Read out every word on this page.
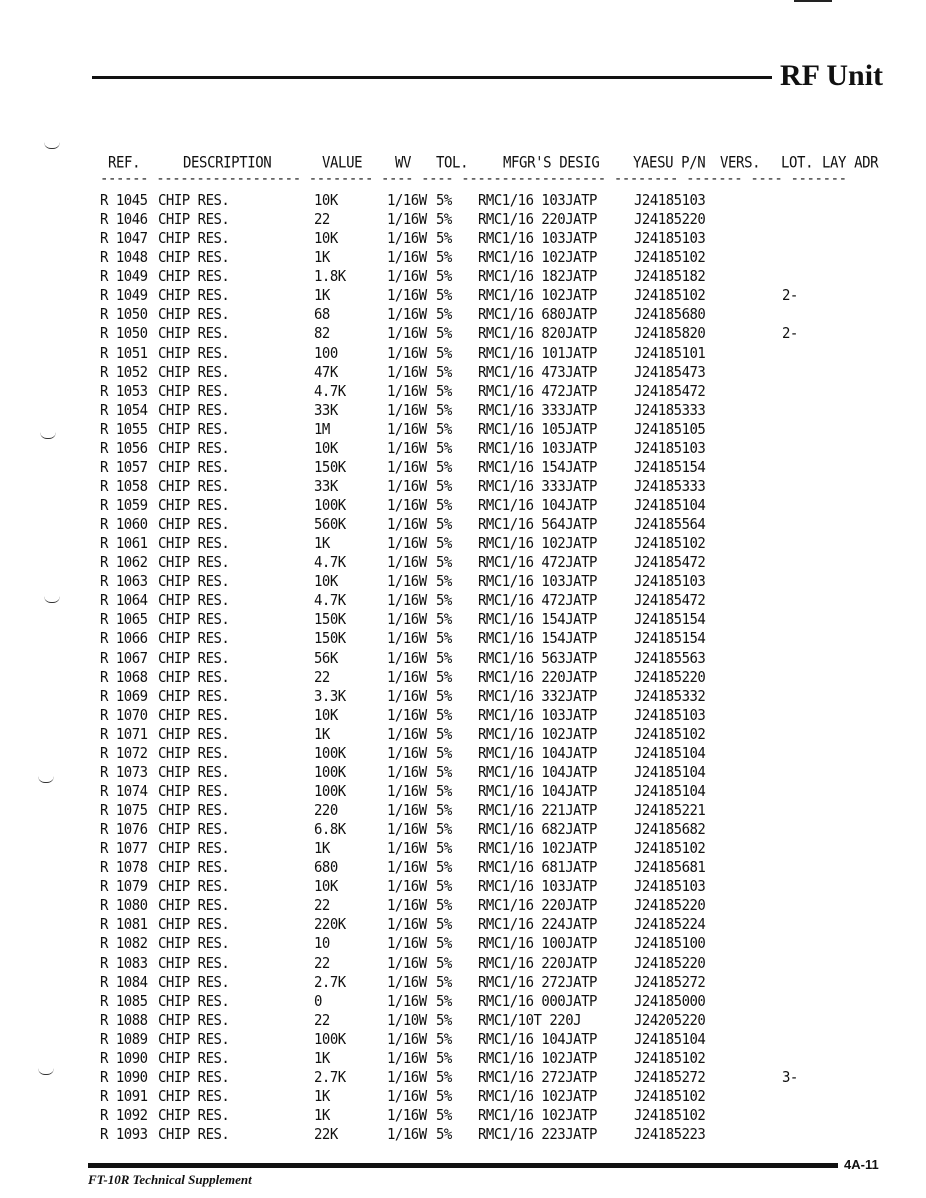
RF Unit
REF.	DESCRIPTION	VALUE WV TOL. MFGR'S DESIG YAESU P/N VERS. LOT. LAY ADR
------ ------------------ -------- ---- ---- ------------------ -------- ------- ---- -------
R 1045 CHIP RES.	10K	1/16W 5% RMC1/16 103JATP	J24185103
R 1046 CHIP RES.	22	1/16W 5% RMC1/16 220JATP	J24185220
R 1047 CHIP RES.	10K	1/16W 5% RMC1/16 103JATP	J24185103
R 1048 CHIP RES.	1K	1/16W 5% RMC1/16 102JATP	J24185102
R 1049 CHIP RES.	1.8K	1/16W 5% RMC1/16 182JATP	J24185182
R 1049 CHIP RES.	1K	1/16W 5% RMC1/16 102JATP	J24185102	2-
R 1050 CHIP RES.	68	1/16W 5% RMC1/16 680JATP	J24185680
R 1050 CHIP RES.	82	1/16W 5% RMC1/16 820JATP	J24185820	2-
R 1051 CHIP RES.	100	1/16W 5% RMC1/16 101JATP	J24185101
R 1052 CHIP RES.	47K	1/16W 5% RMC1/16 473JATP	J24185473
R 1053 CHIP RES.	4.7K	1/16W 5% RMC1/16 472JATP	J24185472
R 1054 CHIP RES.	33K	1/16W 5% RMC1/16 333JATP	J24185333
R 1055 CHIP RES.	1M	1/16W 5% RMC1/16 105JATP	J24185105
R 1056 CHIP RES.	10K	1/16W 5% RMC1/16 103JATP	J24185103
R 1057 CHIP RES.	150K	1/16W 5% RMC1/16 154JATP	J24185154
R 1058 CHIP RES.	33K	1/16W 5% RMC1/16 333JATP	J24185333
R 1059 CHIP RES.	100K	1/16W 5% RMC1/16 104JATP	J24185104
R 1060 CHIP RES.	560K	1/16W 5% RMC1/16 564JATP	J24185564
R 1061 CHIP RES.	1K	1/16W 5% RMC1/16 102JATP	J24185102
R 1062 CHIP RES.	4.7K	1/16W 5% RMC1/16 472JATP	J24185472
R 1063 CHIP RES.	10K	1/16W 5% RMC1/16 103JATP	J24185103
R 1064 CHIP RES.	4.7K	1/16W 5% RMC1/16 472JATP	J24185472
R 1065 CHIP RES.	150K	1/16W 5% RMC1/16 154JATP	J24185154
R 1066 CHIP RES.	150K	1/16W 5% RMC1/16 154JATP	J24185154
R 1067 CHIP RES.	56K	1/16W 5% RMC1/16 563JATP	J24185563
R 1068 CHIP RES.	22	1/16W 5% RMC1/16 220JATP	J24185220
R 1069 CHIP RES.	3.3K	1/16W 5% RMC1/16 332JATP	J24185332
R 1070 CHIP RES.	10K	1/16W 5% RMC1/16 103JATP	J24185103
R 1071 CHIP RES.	1K	1/16W 5% RMC1/16 102JATP	J24185102
R 1072 CHIP RES.	100K	1/16W 5% RMC1/16 104JATP	J24185104
R 1073 CHIP RES.	100K	1/16W 5% RMC1/16 104JATP	J24185104
R 1074 CHIP RES.	100K	1/16W 5% RMC1/16 104JATP	J24185104
R 1075 CHIP RES.	220	1/16W 5% RMC1/16 221JATP	J24185221
R 1076 CHIP RES.	6.8K	1/16W 5% RMC1/16 682JATP	J24185682
R 1077 CHIP RES.	1K	1/16W 5% RMC1/16 102JATP	J24185102
R 1078 CHIP RES.	680	1/16W 5% RMC1/16 681JATP	J24185681
R 1079 CHIP RES.	10K	1/16W 5% RMC1/16 103JATP	J24185103
R 1080 CHIP RES.	22	1/16W 5% RMC1/16 220JATP	J24185220
R 1081 CHIP RES.	220K	1/16W 5% RMC1/16 224JATP	J24185224
R 1082 CHIP RES.	10	1/16W 5% RMC1/16 100JATP	J24185100
R 1083 CHIP RES.	22	1/16W 5% RMC1/16 220JATP	J24185220
R 1084 CHIP RES.	2.7K	1/16W 5% RMC1/16 272JATP	J24185272
R 1085 CHIP RES.	0	1/16W 5% RMC1/16 000JATP	J24185000
R 1088 CHIP RES.	22	1/10W 5% RMC1/10T 220J	J24205220
R 1089 CHIP RES.	100K	1/16W 5% RMC1/16 104JATP	J24185104
R 1090 CHIP RES.	1K	1/16W 5% RMC1/16 102JATP	J24185102
R 1090 CHIP RES.	2.7K	1/16W 5% RMC1/16 272JATP	J24185272	3-
R 1091 CHIP RES.	1K	1/16W 5% RMC1/16 102JATP	J24185102
R 1092 CHIP RES.	1K	1/16W 5% RMC1/16 102JATP	J24185102
R 1093 CHIP RES.	22K	1/16W 5% RMC1/16 223JATP	J24185223
4A-11
FT-10R Technical Supplement
